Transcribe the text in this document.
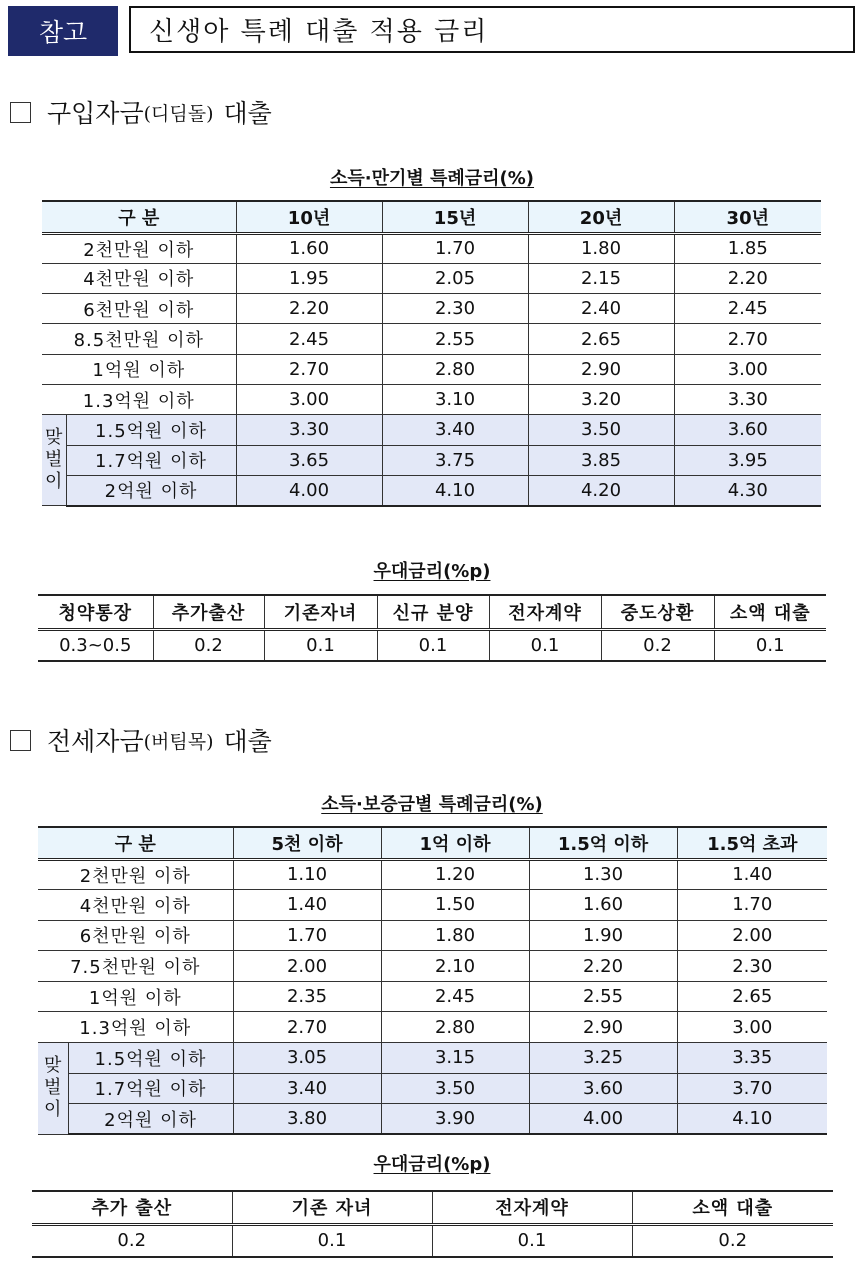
참고	신생아 특례 대출 적용 금리
구입자금 (디딤돌) 대출
소득·만기별 특례금리(%)
구 분		10년	15년	20년	30년
2천만원 이하		1.60	1.70	1.80	1.85
4천만원 이하		1.95	2.05	2.15	2.20
6천만원 이하		2.20	2.30	2.40	2.45
8.5천만원 이하		2.45	2.55	2.65	2.70
1억원 이하		2.70	2.80	2.90	3.00
1.3억원 이하		3.00	3.10	3.20	3.30

맞
벌
이	1.5억원 이하	3.30	3.40	3.50	3.60
	1.7억원 이하	3.65	3.75	3.85	3.95
	2억원 이하	4.00	4.10	4.20	4.30
우대금리(%p)
청약통장	추가출산	기존자녀	신규 분양	전자계약	중도상환	소액 대출
0.3~0.5	0.2	0.1	0.1	0.1	0.2	0.1
전세자금 (버팀목) 대출
소득·보증금별 특례금리(%)
구 분		5천 이하	1억 이하	1.5억 이하	1.5억 초과
2천만원 이하		1.10	1.20	1.30	1.40
4천만원 이하		1.40	1.50	1.60	1.70
6천만원 이하		1.70	1.80	1.90	2.00
7.5천만원 이하		2.00	2.10	2.20	2.30
1억원 이하		2.35	2.45	2.55	2.65
1.3억원 이하		2.70	2.80	2.90	3.00

맞
벌
이	1.5억원 이하	3.05	3.15	3.25	3.35
	1.7억원 이하	3.40	3.50	3.60	3.70
	2억원 이하	3.80	3.90	4.00	4.10
우대금리(%p)
추가 출산	기존 자녀	전자계약	소액 대출
0.2	0.1	0.1	0.2
